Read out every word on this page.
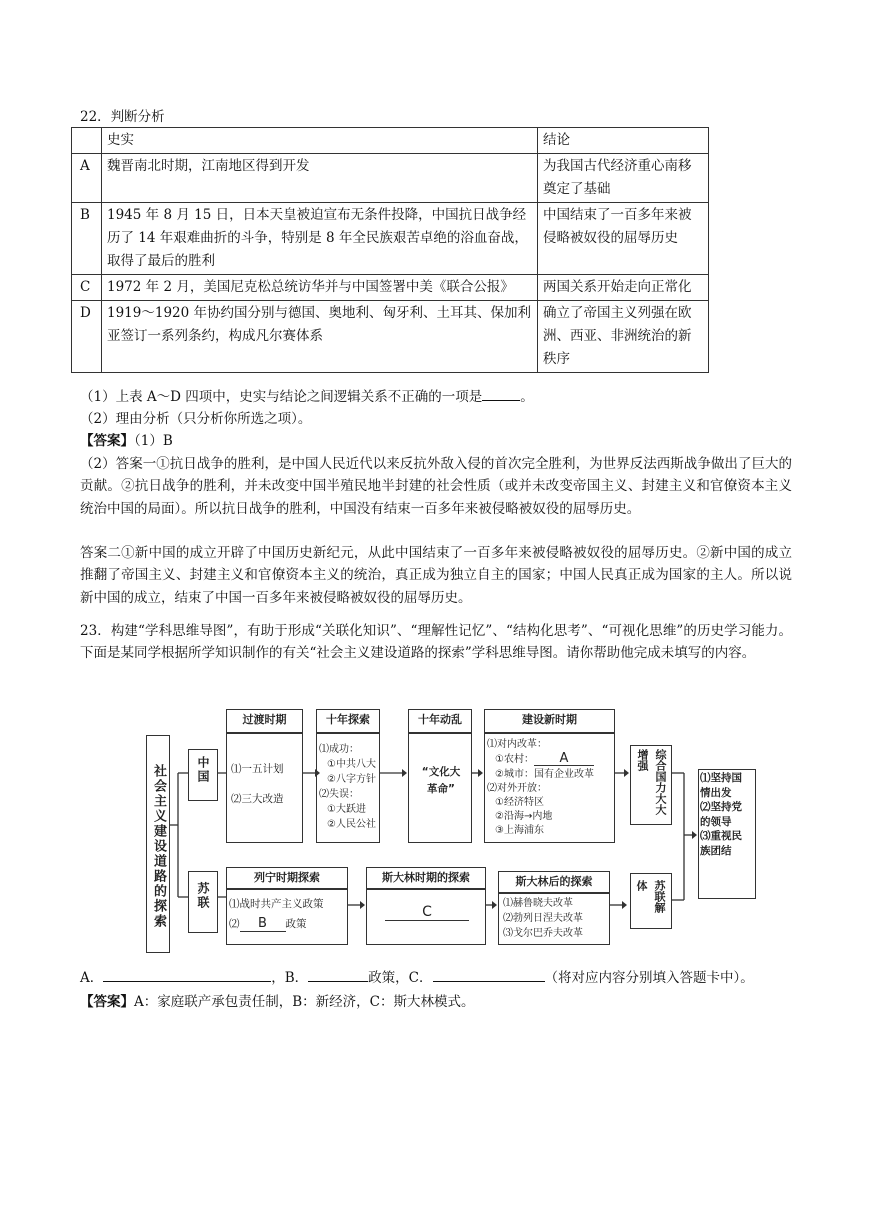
22．判断分析
	史实	结论
A	魏晋南北时期，江南地区得到开发	为我国古代经济重心南移奠定了基础
B	1945 年 8 月 15 日，日本天皇被迫宣布无条件投降，中国抗日战争经历了 14 年艰难曲折的斗争，特别是 8 年全民族艰苦卓绝的浴血奋战，取得了最后的胜利	中国结束了一百多年来被侵略被奴役的屈辱历史
C	1972 年 2 月，美国尼克松总统访华并与中国签署中美《联合公报》	两国关系开始走向正常化
D	1919～1920 年协约国分别与德国、奥地利、匈牙利、土耳其、保加利亚签订一系列条约，构成凡尔赛体系	确立了帝国主义列强在欧洲、西亚、非洲统治的新秩序
（1）上表 A～D 四项中，史实与结论之间逻辑关系不正确的一项是	。
（2）理由分析（只分析你所选之项）。
【答案】（1）B
（2）答案一①抗日战争的胜利，是中国人民近代以来反抗外敌入侵的首次完全胜利，为世界反法西斯战争做出了巨大的贡献。②抗日战争的胜利，并未改变中国半殖民地半封建的社会性质（或并未改变帝国主义、封建主义和官僚资本主义统治中国的局面）。所以抗日战争的胜利，中国没有结束一百多年来被侵略被奴役的屈辱历史。
答案二①新中国的成立开辟了中国历史新纪元，从此中国结束了一百多年来被侵略被奴役的屈辱历史。②新中国的成立推翻了帝国主义、封建主义和官僚资本主义的统治，真正成为独立自主的国家；中国人民真正成为国家的主人。所以说新中国的成立，结束了中国一百多年来被侵略被奴役的屈辱历史。
23．构建“学科思维导图”，有助于形成“关联化知识”、“理解性记忆”、“结构化思考”、“可视化思维”的历史学习能力。下面是某同学根据所学知识制作的有关“社会主义建设道路的探索”学科思维导图。请你帮助他完成未填写的内容。
社会主义建设道路的探索	中国
苏联
过渡时期
⑴一五计划
⑵三大改造
十年探索
⑴成功：
①中共八大
②八字方针
⑵失误：
①大跃进
②人民公社
十年动乱
“文化大革命”
建设新时期
⑴对内改革：
①农村： A
②城市：国有企业改革
⑵对外开放：
①经济特区
②沿海→内地
③上海浦东
综合国力大大增强
列宁时期探索
⑴战时共产主义政策
⑵ B 政策
斯大林时期的探索
C
斯大林后的探索
⑴赫鲁晓夫改革
⑵勃列日涅夫改革
⑶戈尔巴乔夫改革
苏联解体
⑴坚持国情出发
⑵坚持党的领导
⑶重视民族团结
A．	，B．	政策，C．	（将对应内容分别填入答题卡中）。
【答案】A：家庭联产承包责任制，B：新经济，C：斯大林模式。
